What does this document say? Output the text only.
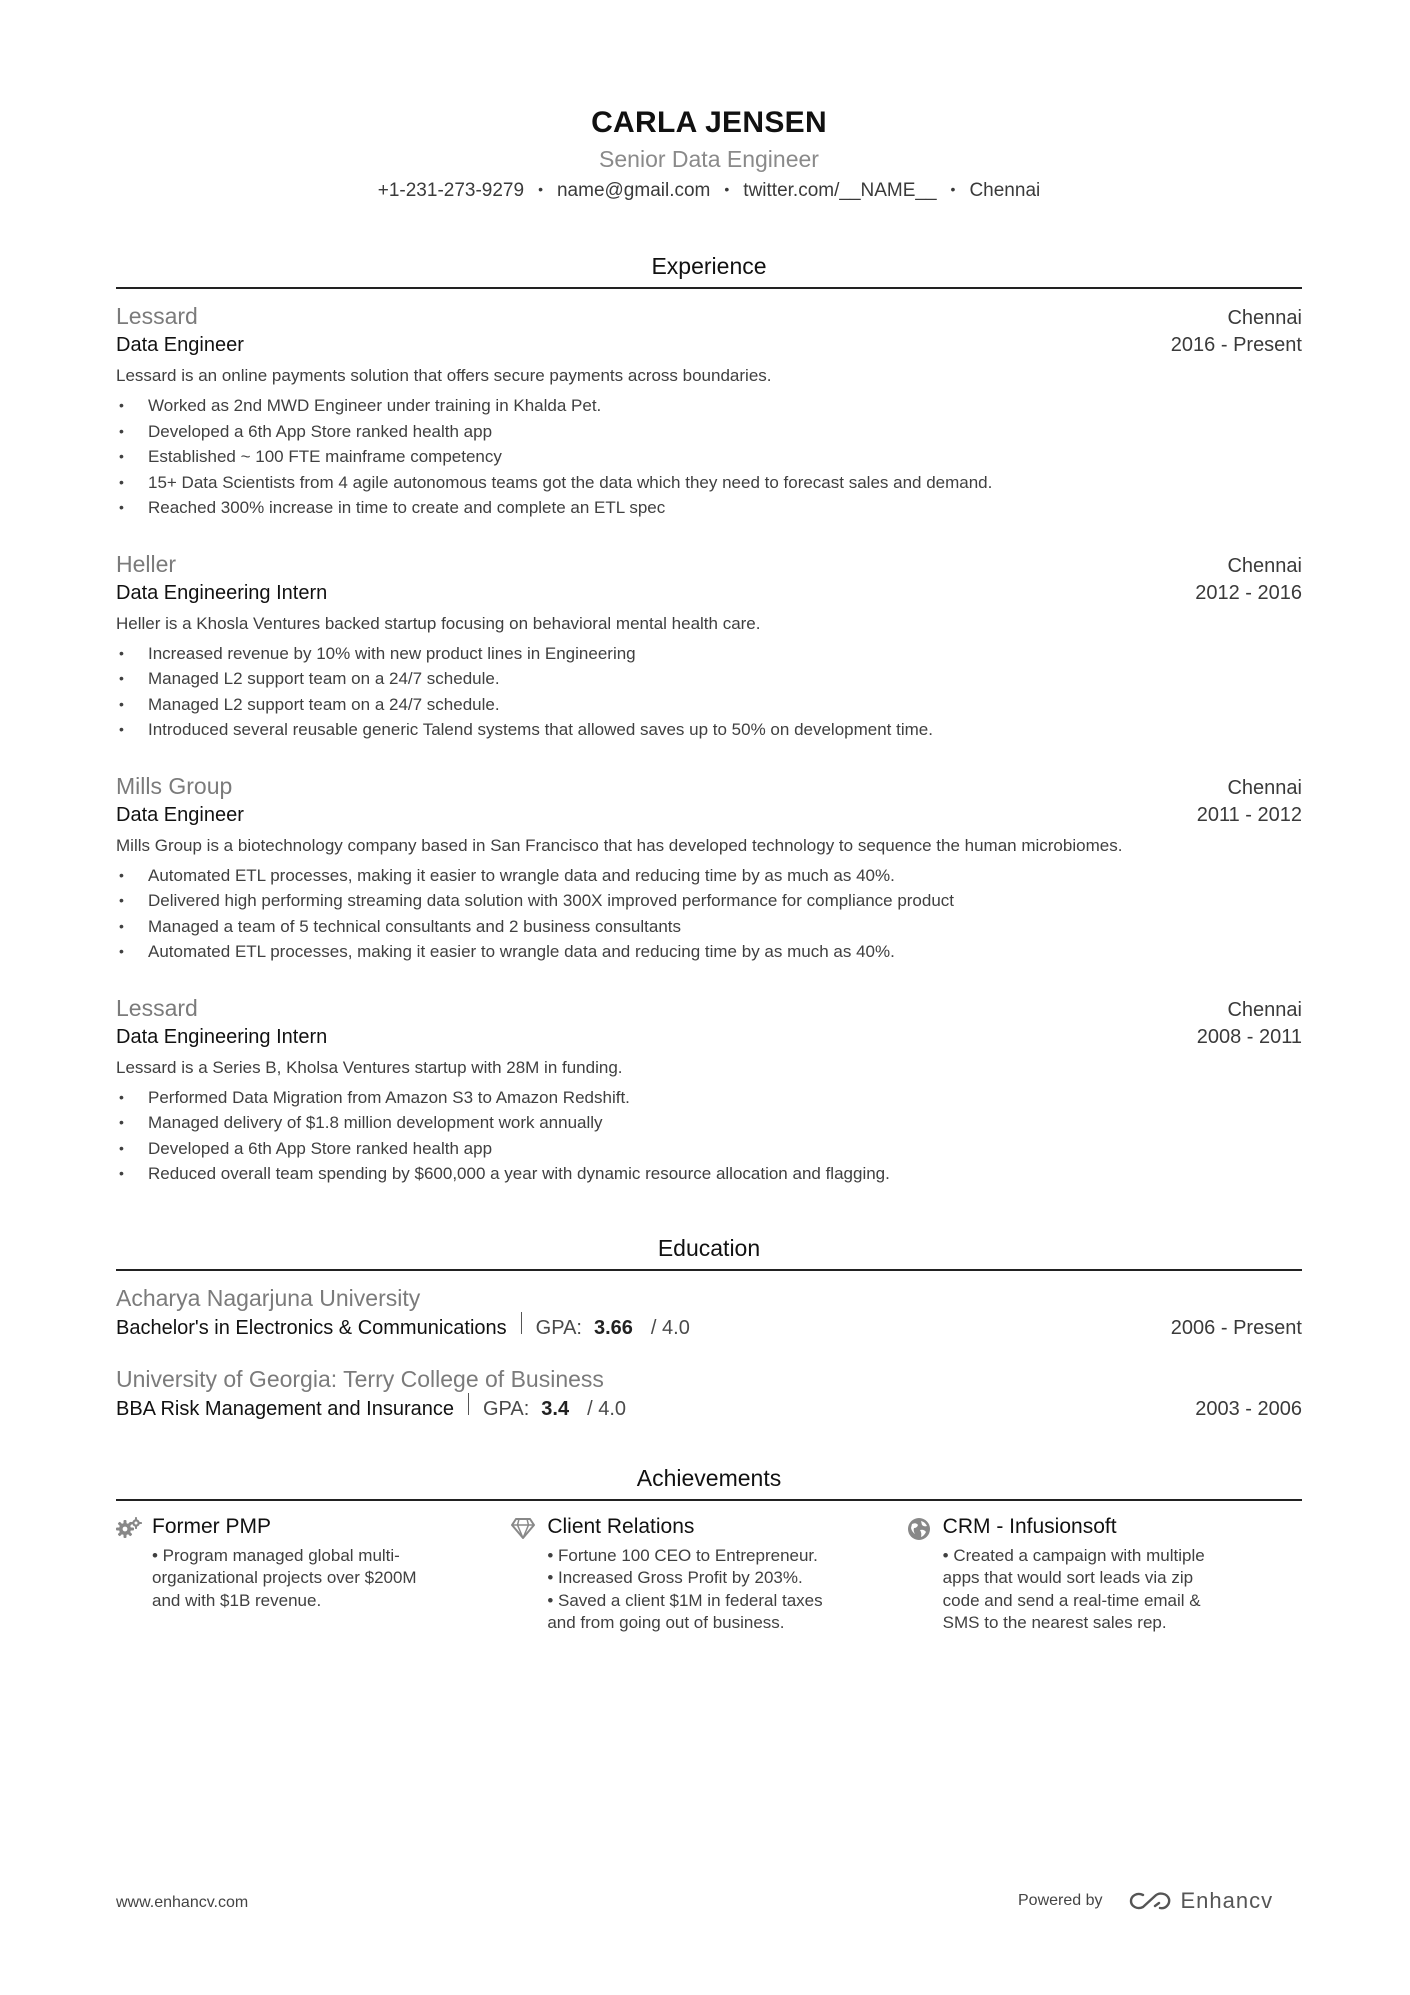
CARLA JENSEN
Senior Data Engineer
+1-231-273-9279 • name@gmail.com • twitter.com/__NAME__ • Chennai
Experience
Lessard	Chennai
Data Engineer	2016 - Present
Lessard is an online payments solution that offers secure payments across boundaries.
• Worked as 2nd MWD Engineer under training in Khalda Pet.
• Developed a 6th App Store ranked health app
• Established ~ 100 FTE mainframe competency
• 15+ Data Scientists from 4 agile autonomous teams got the data which they need to forecast sales and demand.
• Reached 300% increase in time to create and complete an ETL spec
Heller	Chennai
Data Engineering Intern	2012 - 2016
Heller is a Khosla Ventures backed startup focusing on behavioral mental health care.
• Increased revenue by 10% with new product lines in Engineering
• Managed L2 support team on a 24/7 schedule.
• Managed L2 support team on a 24/7 schedule.
• Introduced several reusable generic Talend systems that allowed saves up to 50% on development time.
Mills Group	Chennai
Data Engineer	2011 - 2012
Mills Group is a biotechnology company based in San Francisco that has developed technology to sequence the human microbiomes.
• Automated ETL processes, making it easier to wrangle data and reducing time by as much as 40%.
• Delivered high performing streaming data solution with 300X improved performance for compliance product
• Managed a team of 5 technical consultants and 2 business consultants
• Automated ETL processes, making it easier to wrangle data and reducing time by as much as 40%.
Lessard	Chennai
Data Engineering Intern	2008 - 2011
Lessard is a Series B, Kholsa Ventures startup with 28M in funding.
• Performed Data Migration from Amazon S3 to Amazon Redshift.
• Managed delivery of $1.8 million development work annually
• Developed a 6th App Store ranked health app
• Reduced overall team spending by $600,000 a year with dynamic resource allocation and flagging.
Education
Acharya Nagarjuna University
Bachelor's in Electronics & Communications GPA: 3.66 / 4.0	2006 - Present
University of Georgia: Terry College of Business
BBA Risk Management and Insurance GPA: 3.4 / 4.0	2003 - 2006
Achievements
Former PMP
• Program managed global multi-
organizational projects over $200M
and with $1B revenue.
Client Relations
• Fortune 100 CEO to Entrepreneur.
• Increased Gross Profit by 203%.
• Saved a client $1M in federal taxes
and from going out of business.
CRM - Infusionsoft
• Created a campaign with multiple
apps that would sort leads via zip
code and send a real-time email &
SMS to the nearest sales rep.
www.enhancv.com	Powered by	Enhancv
